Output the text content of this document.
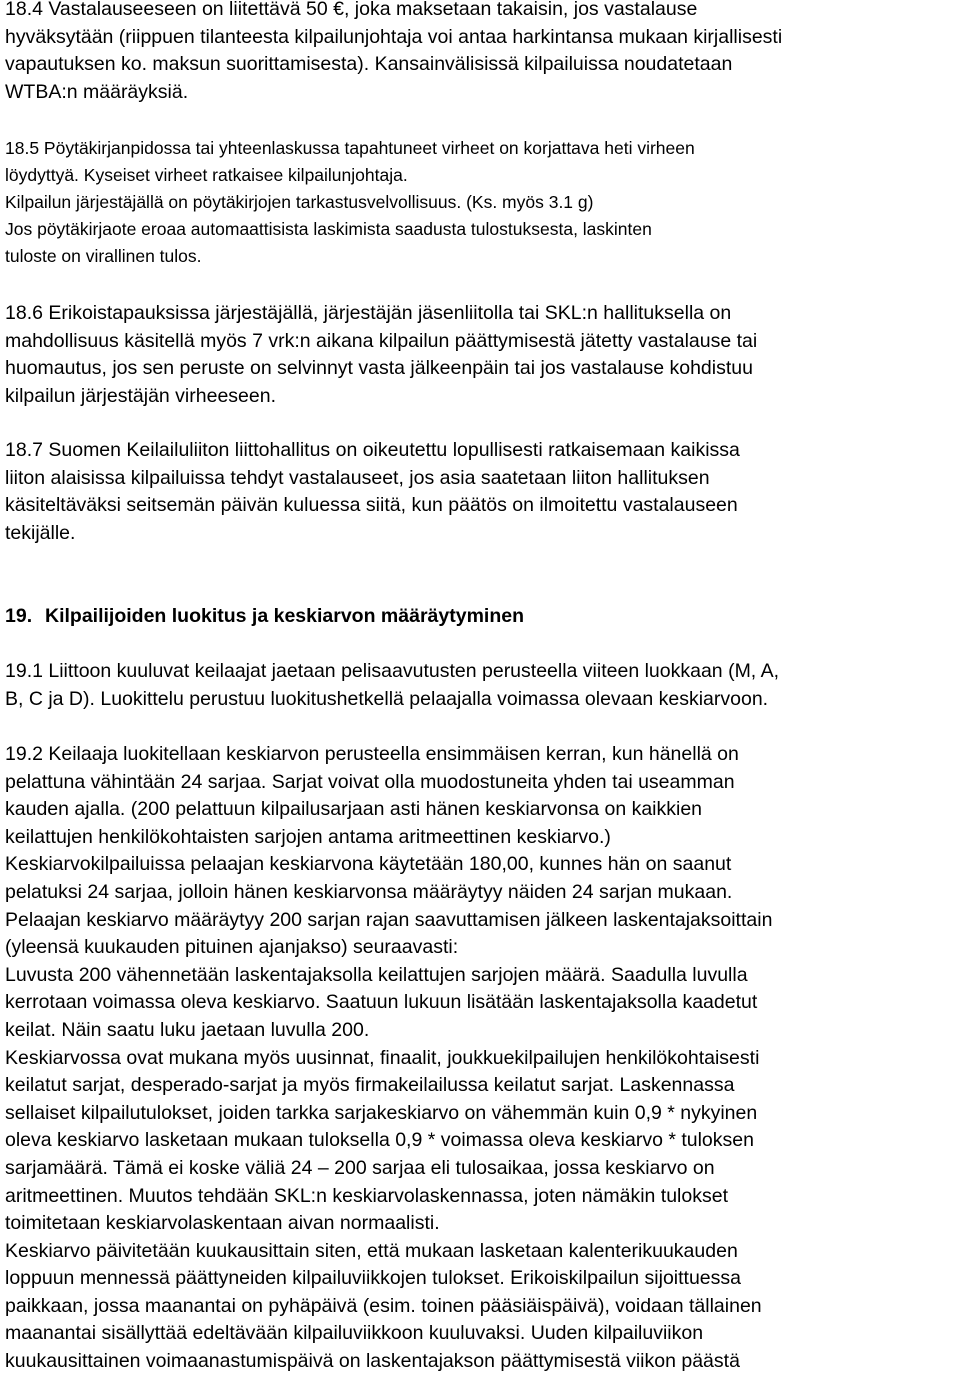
18.4 Vastalauseeseen on liitettävä 50 €, joka maksetaan takaisin, jos vastalause
hyväksytään (riippuen tilanteesta kilpailunjohtaja voi antaa harkintansa mukaan kirjallisesti
vapautuksen ko. maksun suorittamisesta). Kansainvälisissä kilpailuissa noudatetaan
WTBA:n määräyksiä.
18.5 Pöytäkirjanpidossa tai yhteenlaskussa tapahtuneet virheet on korjattava heti virheen
löydyttyä. Kyseiset virheet ratkaisee kilpailunjohtaja.
Kilpailun järjestäjällä on pöytäkirjojen tarkastusvelvollisuus. (Ks. myös 3.1 g)
Jos pöytäkirjaote eroaa automaattisista laskimista saadusta tulostuksesta, laskinten
tuloste on virallinen tulos.
18.6 Erikoistapauksissa järjestäjällä, järjestäjän jäsenliitolla tai SKL:n hallituksella on
mahdollisuus käsitellä myös 7 vrk:n aikana kilpailun päättymisestä jätetty vastalause tai
huomautus, jos sen peruste on selvinnyt vasta jälkeenpäin tai jos vastalause kohdistuu
kilpailun järjestäjän virheeseen.
18.7 Suomen Keilailuliiton liittohallitus on oikeutettu lopullisesti ratkaisemaan kaikissa
liiton alaisissa kilpailuissa tehdyt vastalauseet, jos asia saatetaan liiton hallituksen
käsiteltäväksi seitsemän päivän kuluessa siitä, kun päätös on ilmoitettu vastalauseen
tekijälle.
19. Kilpailijoiden luokitus ja keskiarvon määräytyminen
19.1 Liittoon kuuluvat keilaajat jaetaan pelisaavutusten perusteella viiteen luokkaan (M, A,
B, C ja D). Luokittelu perustuu luokitushetkellä pelaajalla voimassa olevaan keskiarvoon.
19.2 Keilaaja luokitellaan keskiarvon perusteella ensimmäisen kerran, kun hänellä on
pelattuna vähintään 24 sarjaa. Sarjat voivat olla muodostuneita yhden tai useamman
kauden ajalla. (200 pelattuun kilpailusarjaan asti hänen keskiarvonsa on kaikkien
keilattujen henkilökohtaisten sarjojen antama aritmeettinen keskiarvo.)
Keskiarvokilpailuissa pelaajan keskiarvona käytetään 180,00, kunnes hän on saanut
pelatuksi 24 sarjaa, jolloin hänen keskiarvonsa määräytyy näiden 24 sarjan mukaan.
Pelaajan keskiarvo määräytyy 200 sarjan rajan saavuttamisen jälkeen laskentajaksoittain
(yleensä kuukauden pituinen ajanjakso) seuraavasti:
Luvusta 200 vähennetään laskentajaksolla keilattujen sarjojen määrä. Saadulla luvulla
kerrotaan voimassa oleva keskiarvo. Saatuun lukuun lisätään laskentajaksolla kaadetut
keilat. Näin saatu luku jaetaan luvulla 200.
Keskiarvossa ovat mukana myös uusinnat, finaalit, joukkuekilpailujen henkilökohtaisesti
keilatut sarjat, desperado-sarjat ja myös firmakeilailussa keilatut sarjat. Laskennassa
sellaiset kilpailutulokset, joiden tarkka sarjakeskiarvo on vähemmän kuin 0,9 * nykyinen
oleva keskiarvo lasketaan mukaan tuloksella 0,9 * voimassa oleva keskiarvo * tuloksen
sarjamäärä. Tämä ei koske väliä 24 – 200 sarjaa eli tulosaikaa, jossa keskiarvo on
aritmeettinen. Muutos tehdään SKL:n keskiarvolaskennassa, joten nämäkin tulokset
toimitetaan keskiarvolaskentaan aivan normaalisti.
Keskiarvo päivitetään kuukausittain siten, että mukaan lasketaan kalenterikuukauden
loppuun mennessä päättyneiden kilpailuviikkojen tulokset. Erikoiskilpailun sijoittuessa
paikkaan, jossa maanantai on pyhäpäivä (esim. toinen pääsiäispäivä), voidaan tällainen
maanantai sisällyttää edeltävään kilpailuviikkoon kuuluvaksi. Uuden kilpailuviikon
kuukausittainen voimaanastumispäivä on laskentajakson päättymisestä viikon päästä
